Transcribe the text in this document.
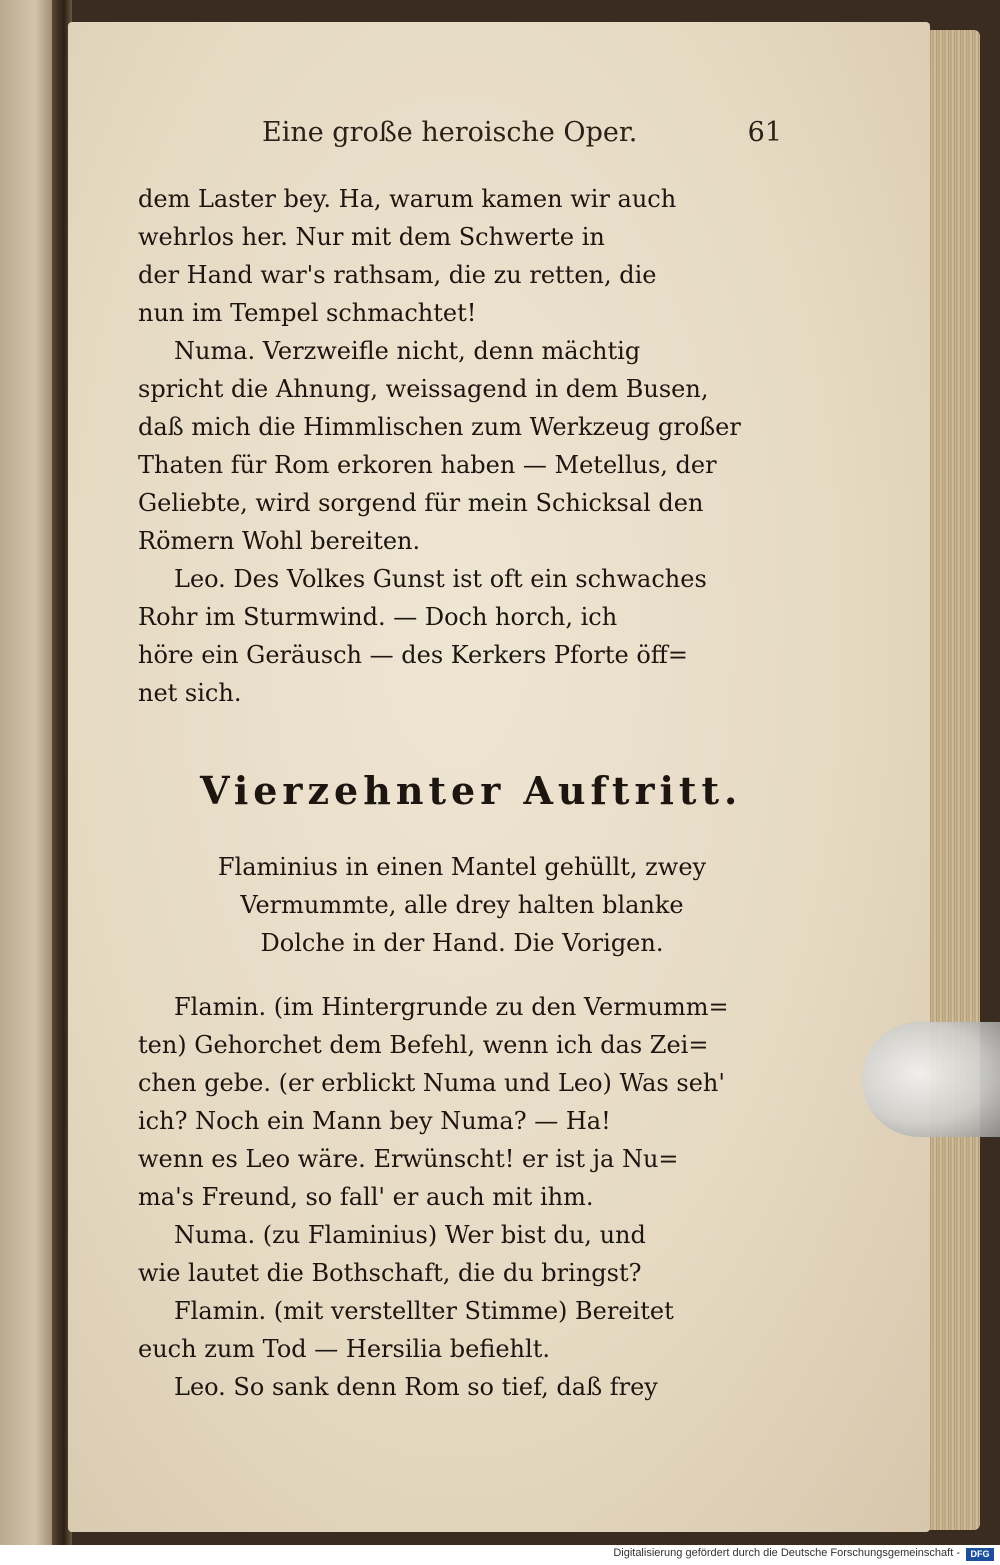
Eine große heroische Oper.	61
dem Laster bey. Ha, warum kamen wir auch
wehrlos her. Nur mit dem Schwerte in
der Hand war's rathsam, die zu retten, die
nun im Tempel schmachtet!
Numa. Verzweifle nicht, denn mächtig
spricht die Ahnung, weissagend in dem Busen,
daß mich die Himmlischen zum Werkzeug großer
Thaten für Rom erkoren haben — Metellus, der
Geliebte, wird sorgend für mein Schicksal den
Römern Wohl bereiten.
Leo. Des Volkes Gunst ist oft ein schwaches
Rohr im Sturmwind. — Doch horch, ich
höre ein Geräusch — des Kerkers Pforte öff=
net sich.
Vierzehnter Auftritt.
Flaminius in einen Mantel gehüllt, zwey
Vermummte, alle drey halten blanke
Dolche in der Hand. Die Vorigen.
Flamin. (im Hintergrunde zu den Vermumm=
ten) Gehorchet dem Befehl, wenn ich das Zei=
chen gebe. (er erblickt Numa und Leo) Was seh'
ich? Noch ein Mann bey Numa? — Ha!
wenn es Leo wäre. Erwünscht! er ist ja Nu=
ma's Freund, so fall' er auch mit ihm.
Numa. (zu Flaminius) Wer bist du, und
wie lautet die Bothschaft, die du bringst?
Flamin. (mit verstellter Stimme) Bereitet
euch zum Tod — Hersilia befiehlt.
Leo. So sank denn Rom so tief, daß frey
Digitalisierung gefördert durch die Deutsche Forschungsgemeinschaft -	DFG
